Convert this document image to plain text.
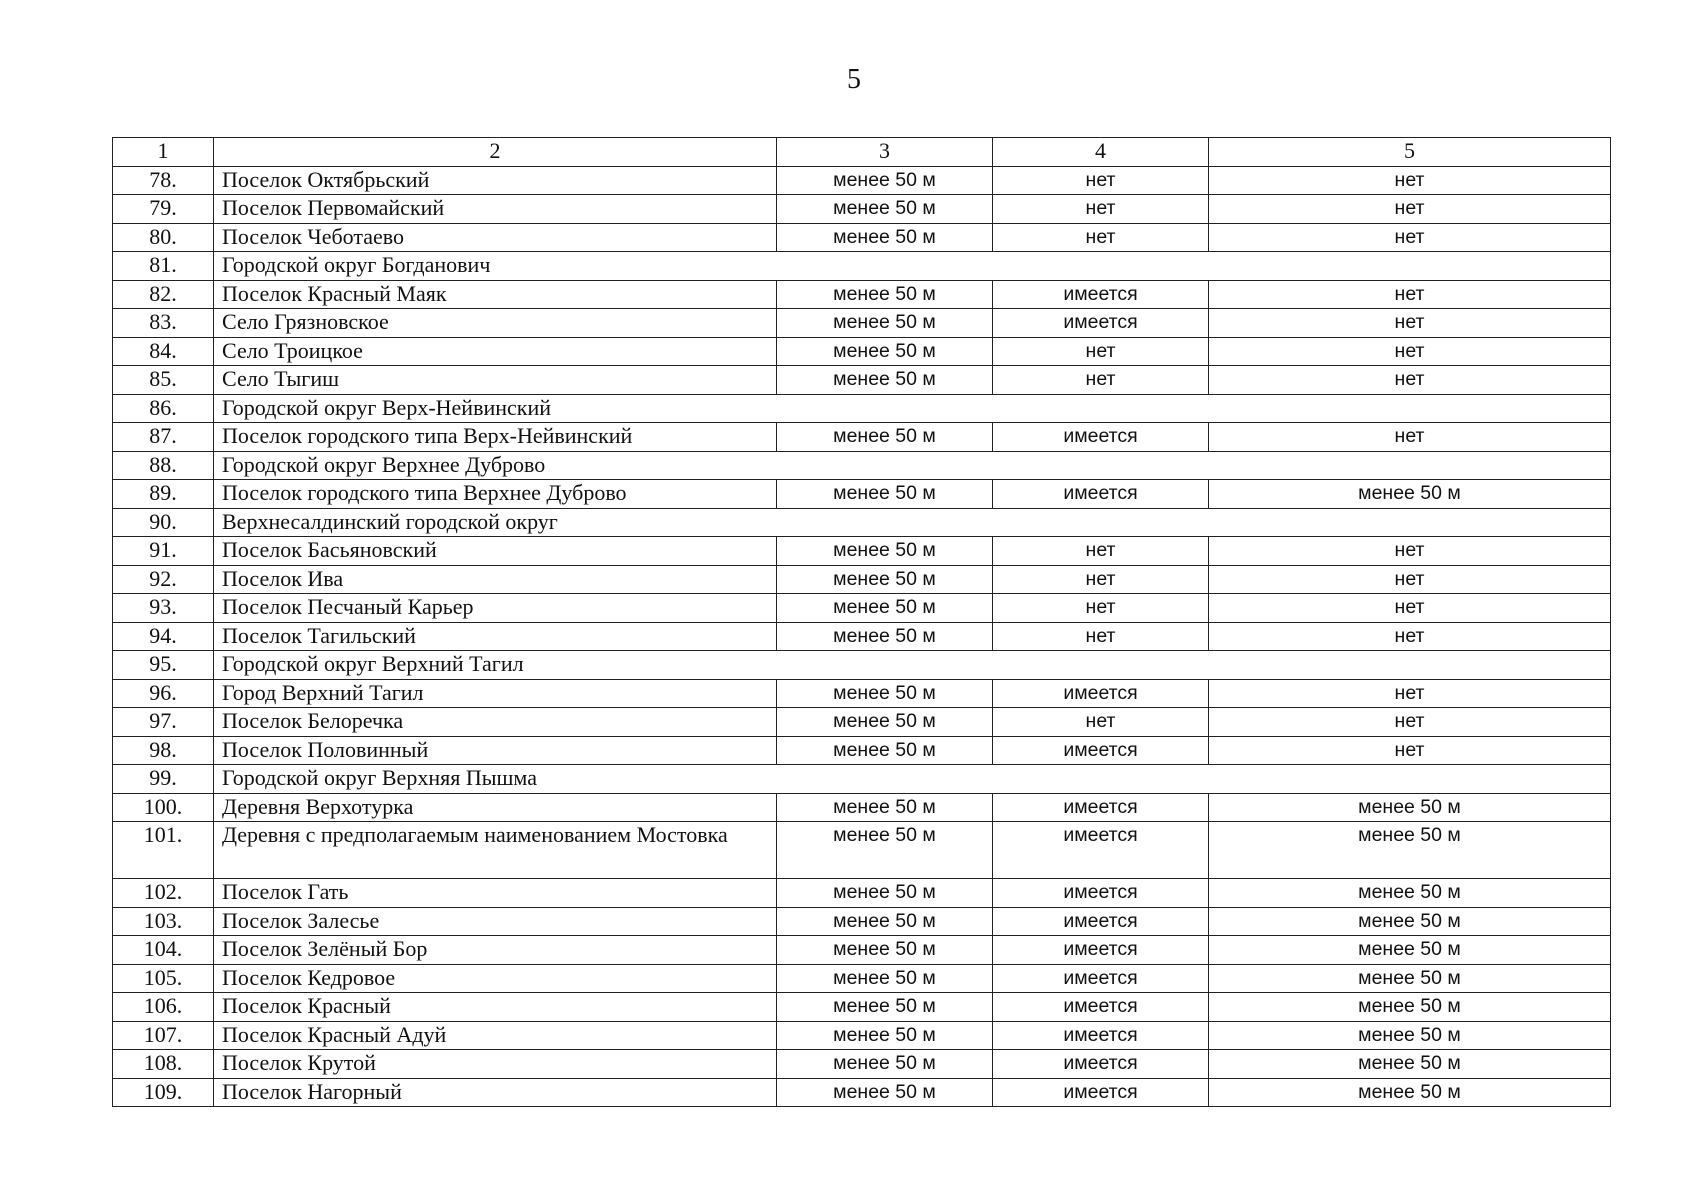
5
1	2	3	4	5
78.	Поселок Октябрьский	менее 50 м	нет	нет
79.	Поселок Первомайский	менее 50 м	нет	нет
80.	Поселок Чеботаево	менее 50 м	нет	нет
81.	Городской округ Богданович			
82.	Поселок Красный Маяк	менее 50 м	имеется	нет
83.	Село Грязновское	менее 50 м	имеется	нет
84.	Село Троицкое	менее 50 м	нет	нет
85.	Село Тыгиш	менее 50 м	нет	нет
86.	Городской округ Верх-Нейвинский			
87.	Поселок городского типа Верх-Нейвинский	менее 50 м	имеется	нет
88.	Городской округ Верхнее Дуброво			
89.	Поселок городского типа Верхнее Дуброво	менее 50 м	имеется	менее 50 м
90.	Верхнесалдинский городской округ			
91.	Поселок Басьяновский	менее 50 м	нет	нет
92.	Поселок Ива	менее 50 м	нет	нет
93.	Поселок Песчаный Карьер	менее 50 м	нет	нет
94.	Поселок Тагильский	менее 50 м	нет	нет
95.	Городской округ Верхний Тагил			
96.	Город Верхний Тагил	менее 50 м	имеется	нет
97.	Поселок Белоречка	менее 50 м	нет	нет
98.	Поселок Половинный	менее 50 м	имеется	нет
99.	Городской округ Верхняя Пышма			
100.	Деревня Верхотурка	менее 50 м	имеется	менее 50 м
101.	Деревня с предполагаемым наименованием Мостовка	менее 50 м	имеется	менее 50 м
102.	Поселок Гать	менее 50 м	имеется	менее 50 м
103.	Поселок Залесье	менее 50 м	имеется	менее 50 м
104.	Поселок Зелёный Бор	менее 50 м	имеется	менее 50 м
105.	Поселок Кедровое	менее 50 м	имеется	менее 50 м
106.	Поселок Красный	менее 50 м	имеется	менее 50 м
107.	Поселок Красный Адуй	менее 50 м	имеется	менее 50 м
108.	Поселок Крутой	менее 50 м	имеется	менее 50 м
109.	Поселок Нагорный	менее 50 м	имеется	менее 50 м
